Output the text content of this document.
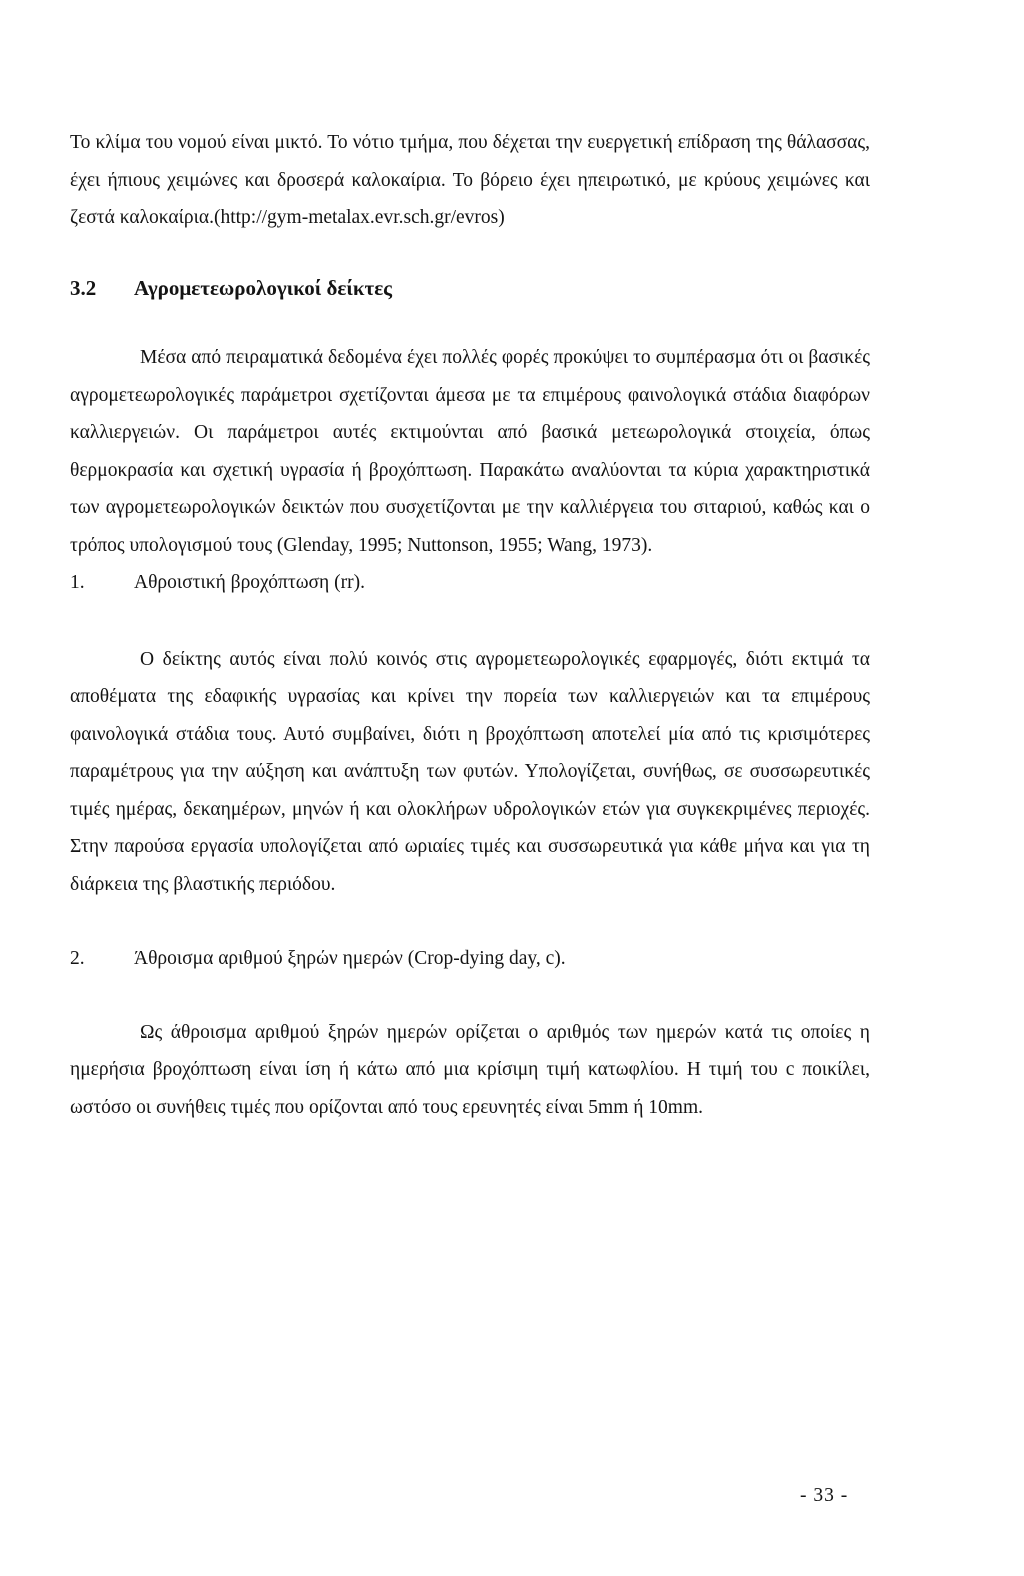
Το κλίμα του νομού είναι μικτό. Το νότιο τμήμα, που δέχεται την ευεργετική επίδραση της θάλασσας, έχει ήπιους χειμώνες και δροσερά καλοκαίρια. Το βόρειο έχει ηπειρωτικό, με κρύους χειμώνες και ζεστά καλοκαίρια.(http://gym-metalax.evr.sch.gr/evros)

3.2	Αγρομετεωρολογικοί δείκτες

Μέσα από πειραματικά δεδομένα έχει πολλές φορές προκύψει το συμπέρασμα ότι οι βασικές αγρομετεωρολογικές παράμετροι σχετίζονται άμεσα με τα επιμέρους φαινολογικά στάδια διαφόρων καλλιεργειών. Οι παράμετροι αυτές εκτιμούνται από βασικά μετεωρολογικά στοιχεία, όπως θερμοκρασία και σχετική υγρασία ή βροχόπτωση. Παρακάτω αναλύονται τα κύρια χαρακτηριστικά των αγρομετεωρολογικών δεικτών που συσχετίζονται με την καλλιέργεια του σιταριού, καθώς και ο τρόπος υπολογισμού τους (Glenday, 1995; Nuttonson, 1955; Wang, 1973).

1.	Αθροιστική βροχόπτωση (rr).

Ο δείκτης αυτός είναι πολύ κοινός στις αγρομετεωρολογικές εφαρμογές, διότι εκτιμά τα αποθέματα της εδαφικής υγρασίας και κρίνει την πορεία των καλλιεργειών και τα επιμέρους φαινολογικά στάδια τους. Αυτό συμβαίνει, διότι η βροχόπτωση αποτελεί μία από τις κρισιμότερες παραμέτρους για την αύξηση και ανάπτυξη των φυτών. Υπολογίζεται, συνήθως, σε συσσωρευτικές τιμές ημέρας, δεκαημέρων, μηνών ή και ολοκλήρων υδρολογικών ετών για συγκεκριμένες περιοχές. Στην παρούσα εργασία υπολογίζεται από ωριαίες τιμές και συσσωρευτικά για κάθε μήνα και για τη διάρκεια της βλαστικής περιόδου.

2.	Άθροισμα αριθμού ξηρών ημερών (Crop-dying day, c).

Ως άθροισμα αριθμού ξηρών ημερών ορίζεται ο αριθμός των ημερών κατά τις οποίες η ημερήσια βροχόπτωση είναι ίση ή κάτω από μια κρίσιμη τιμή κατωφλίου. Η τιμή του c ποικίλει, ωστόσο οι συνήθεις τιμές που ορίζονται από τους ερευνητές είναι 5mm ή 10mm.

- 33 -
